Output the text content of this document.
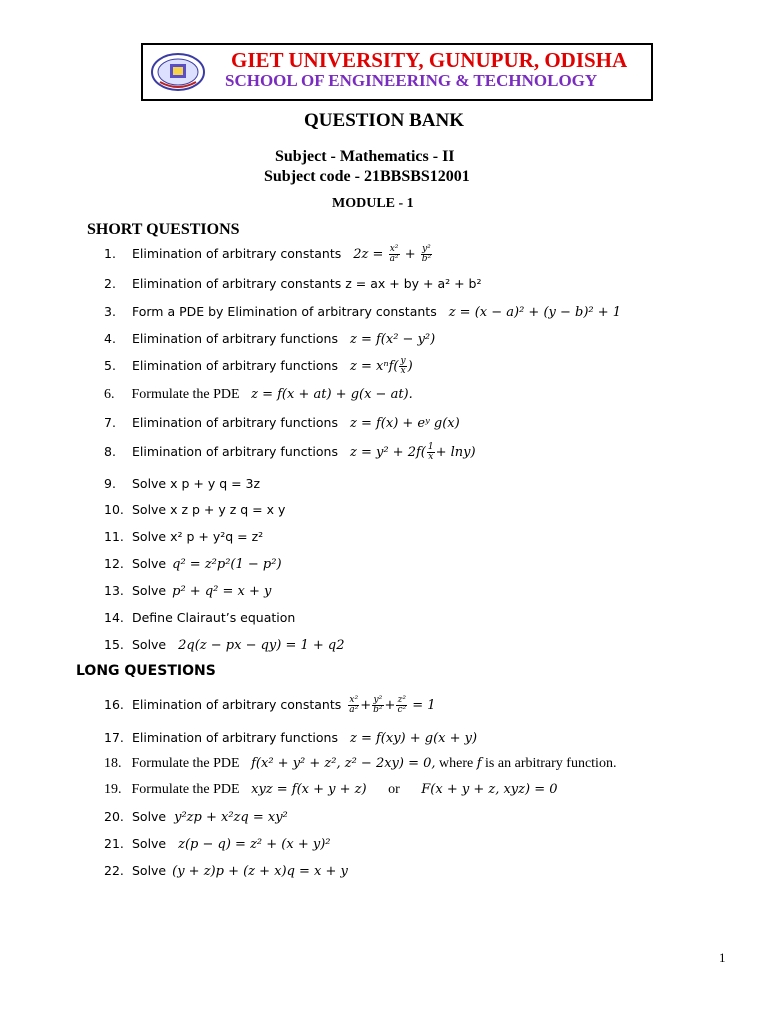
GIET UNIVERSITY, GUNUPUR, ODISHA
SCHOOL OF ENGINEERING & TECHNOLOGY
QUESTION BANK
Subject - Mathematics - II
Subject code - 21BBSBS12001
MODULE - 1
SHORT QUESTIONS
1. Elimination of arbitrary constants $2z = \frac{\text{x²}}{\text{a²}} + \frac{\text{y²}}{\text{b²}}$
2. Elimination of arbitrary constants z = ax + by + a² + b²
3. Form a PDE by Elimination of arbitrary constants z = (x − a)² + (y − b)² + 1
4. Elimination of arbitrary functions z = f(x² − y²)
5. Elimination of arbitrary functions $z = x^nf( \frac{y}{x}$ )
6. Formulate the PDE z = f(x + at) + g(x − at).
7. Elimination of arbitrary functions z = f(x) + eʸ g(x)
8. Elimination of arbitrary functions $z = y^2 + 2f( \frac{1}{x} + \ln y)$
9. Solve x p + y q = 3z
10. Solve x z p + y z q = x y
11. Solve x² p + y²q = z²
12. Solve q² = z²p²(1 − p²)
13. Solve p² + q² = x + y
14. Define Clairaut’s equation
15. Solve 2q(z − px − qy) = 1 + q2
LONG QUESTIONS
16. Elimination of arbitrary constants $\frac{\text{x²}}{\text{a²}} + \frac{\text{y²}}{\text{b²}} + \frac{\text{z²}}{\text{c²}} = 1$
17. Elimination of arbitrary functions z = f(xy) + g(x + y)
18. Formulate the PDE f(x² + y² + z², z² − 2xy) = 0, where f is an arbitrary function.
19. Formulate the PDE xyz = f(x + y + z) or F(x + y + z, xyz) = 0
20. Solve y²zp + x²zq = xy²
21. Solve z(p − q) = z² + (x + y)²
22. Solve (y + z)p + (z + x)q = x + y
1
